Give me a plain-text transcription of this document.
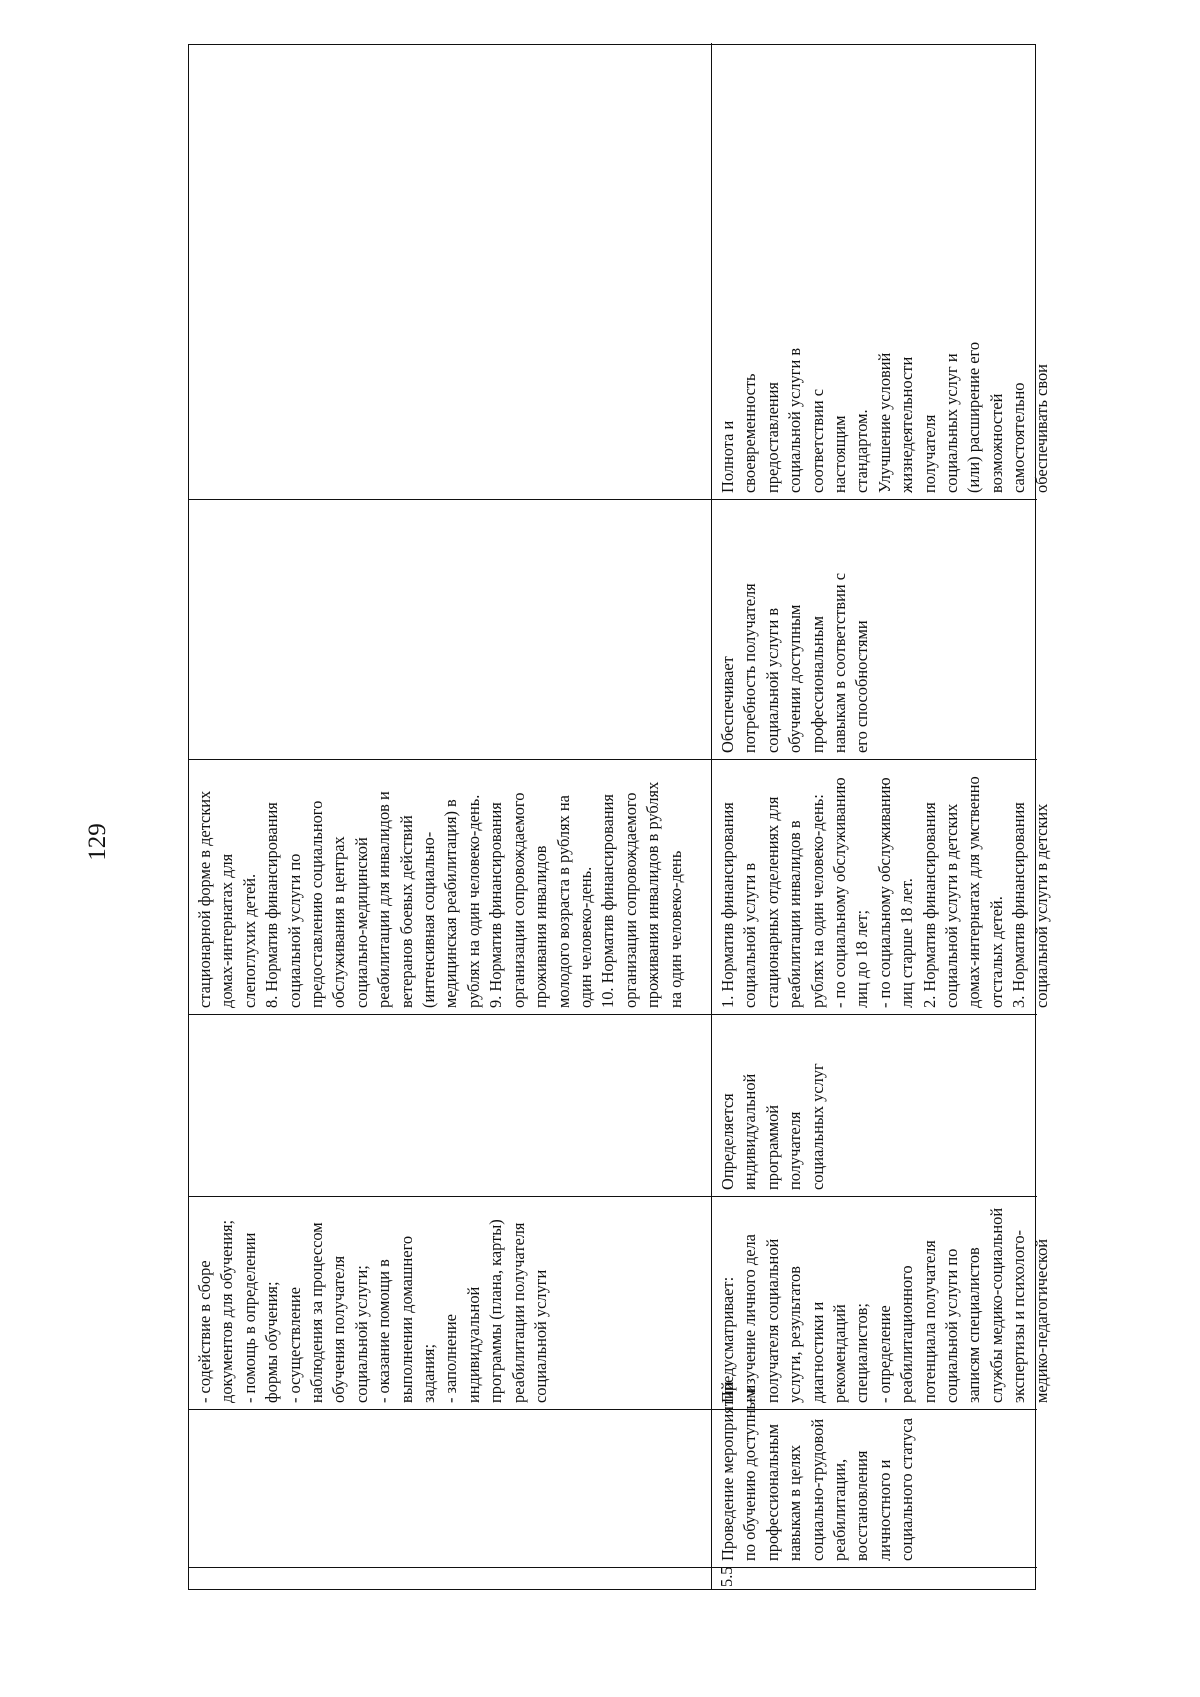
129
- содействие в сборе документов для обучения; - помощь в определении формы обучения; - осуществление наблюдения за процессом обучения получателя социальной услуги; - оказание помощи в выполнении домашнего задания; - заполнение индивидуальной программы (плана, карты) реабилитации получателя социальной услуги
стационарной форме в детских домах-интернатах для слепоглухих детей. 8. Норматив финансирования социальной услуги по предоставлению социального обслуживания в центрах социально-медицинской реабилитации для инвалидов и ветеранов боевых действий (интенсивная социально- медицинская реабилитация) в рублях на один человеко-день. 9. Норматив финансирования организации сопровождаемого проживания инвалидов молодого возраста в рублях на один человеко-день. 10. Норматив финансирования организации сопровождаемого проживания инвалидов в рублях на один человеко-день
5.5
Проведение мероприятий по обучению доступным профессиональным навыкам в целях социально-трудовой реабилитации, восстановления личностного и социального статуса
Предусматривает: - изучение личного дела получателя социальной услуги, результатов диагностики и рекомендаций специалистов; - определение реабилитационного потенциала получателя социальной услуги по записям специалистов службы медико-социальной экспертизы и психолого- медико-педагогической
Определяется индивидуальной программой получателя социальных услуг
1. Норматив финансирования социальной услуги в стационарных отделениях для реабилитации инвалидов в рублях на один человеко-день: - по социальному обслуживанию лиц до 18 лет; - по социальному обслуживанию лиц старше 18 лет. 2. Норматив финансирования социальной услуги в детских домах-интернатах для умственно отсталых детей. 3. Норматив финансирования социальной услуги в детских
Обеспечивает потребность получателя социальной услуги в обучении доступным профессиональным навыкам в соответствии с его способностями
Полнота и своевременность предоставления социальной услуги в соответствии с настоящим стандартом. Улучшение условий жизнедеятельности получателя социальных услуг и (или) расширение его возможностей самостоятельно обеспечивать свои
